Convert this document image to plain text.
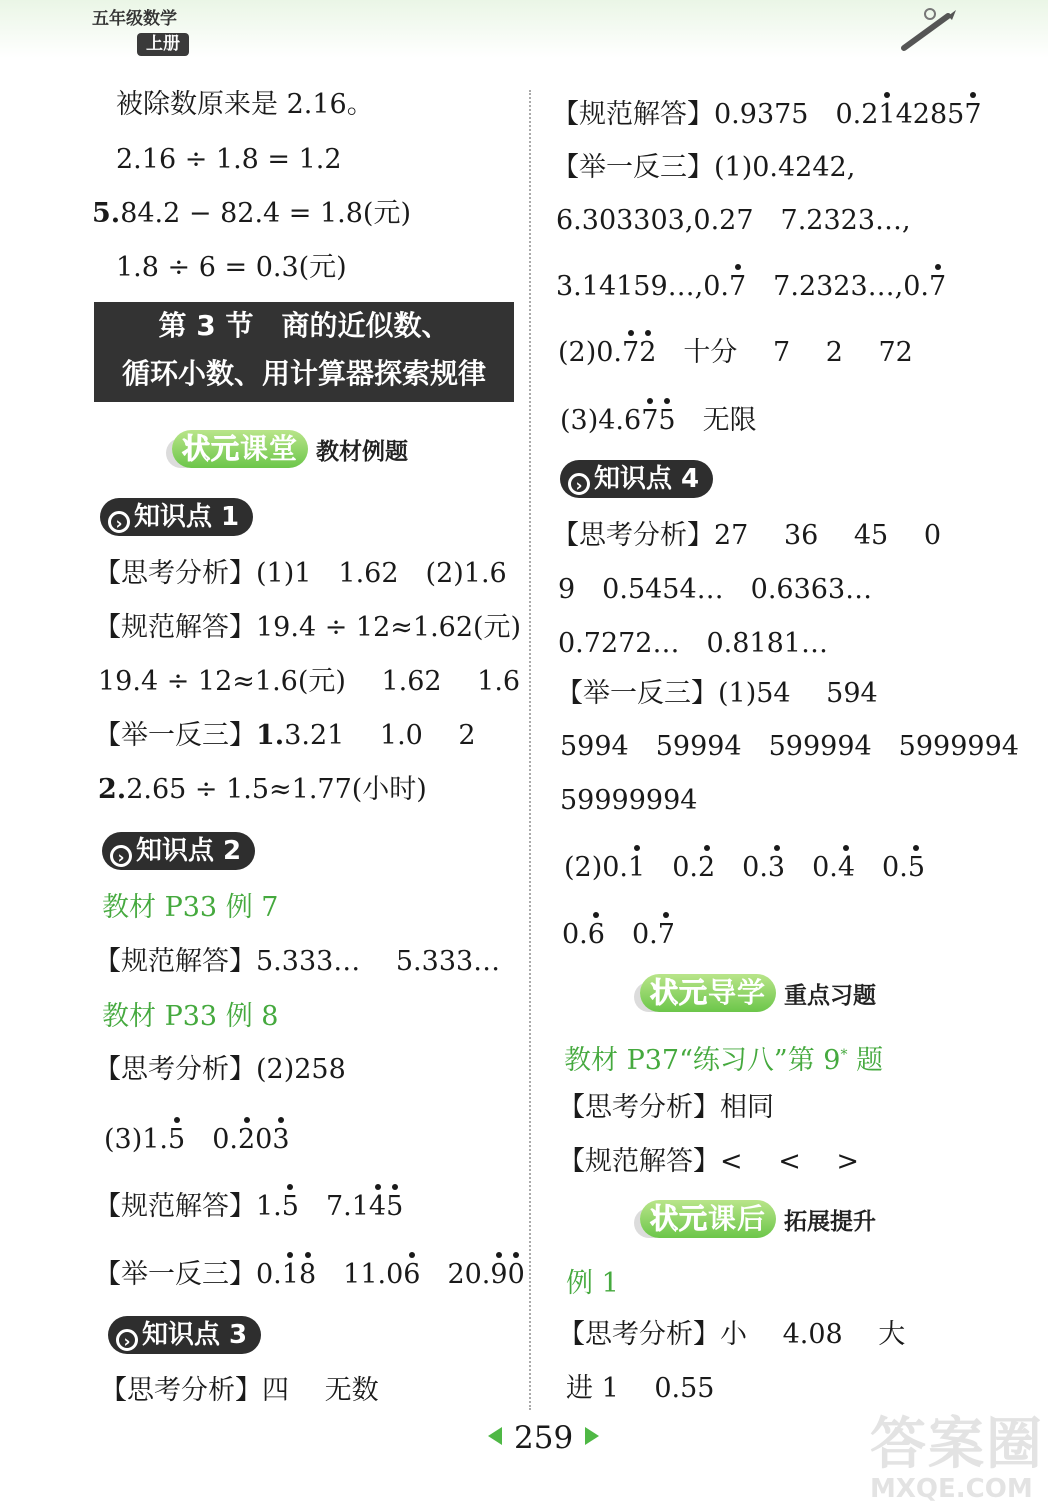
五年级数学
上册
被除数原来是 2.16。
2.16 ÷ 1.8 = 1.2
5.84.2 − 82.4 = 1.8(元)
1.8 ÷ 6 = 0.3(元)
第 3 节　商的近似数、
循环小数、用计算器探索规律
状元课堂 教材例题
› 知识点 1
【思考分析】(1)1　1.62　(2)1.6
【规范解答】19.4 ÷ 12≈1.62(元)
19.4 ÷ 12≈1.6(元)　 1.62　 1.6
【举一反三】1.3.21　 1.0　 2
2.2.65 ÷ 1.5≈1.77(小时)
› 知识点 2
教材 P33 例 7
【规范解答】5.333…　 5.333…
教材 P33 例 8
【思考分析】(2)258
(3)1.5　0.203
【规范解答】1.5　7.145
【举一反三】0.18　11.06　20.90
› 知识点 3
【思考分析】四　 无数
【规范解答】0.9375　0.2142857
【举一反三】(1)0.4242,
6.303303,0.27　7.2323…,
3.14159…,0.7　7.2323…,0.7
(2)0.72　十分　 7　 2　 72
(3)4.675　无限
› 知识点 4
【思考分析】27　 36　 45　 0
9　0.5454…　0.6363…
0.7272…　0.8181…
【举一反三】(1)54　 594
5994　59994　599994　5999994
59999994
(2)0.1　0.2　0.3　0.4　0.5
0.6　0.7
状元导学 重点习题
教材 P37“练习八”第 9* 题
【思考分析】相同
【规范解答】<　 <　 >
状元课后 拓展提升
例 1
【思考分析】小　 4.08　 大
进 1　 0.55
259	答案圈
MXQE.COM
